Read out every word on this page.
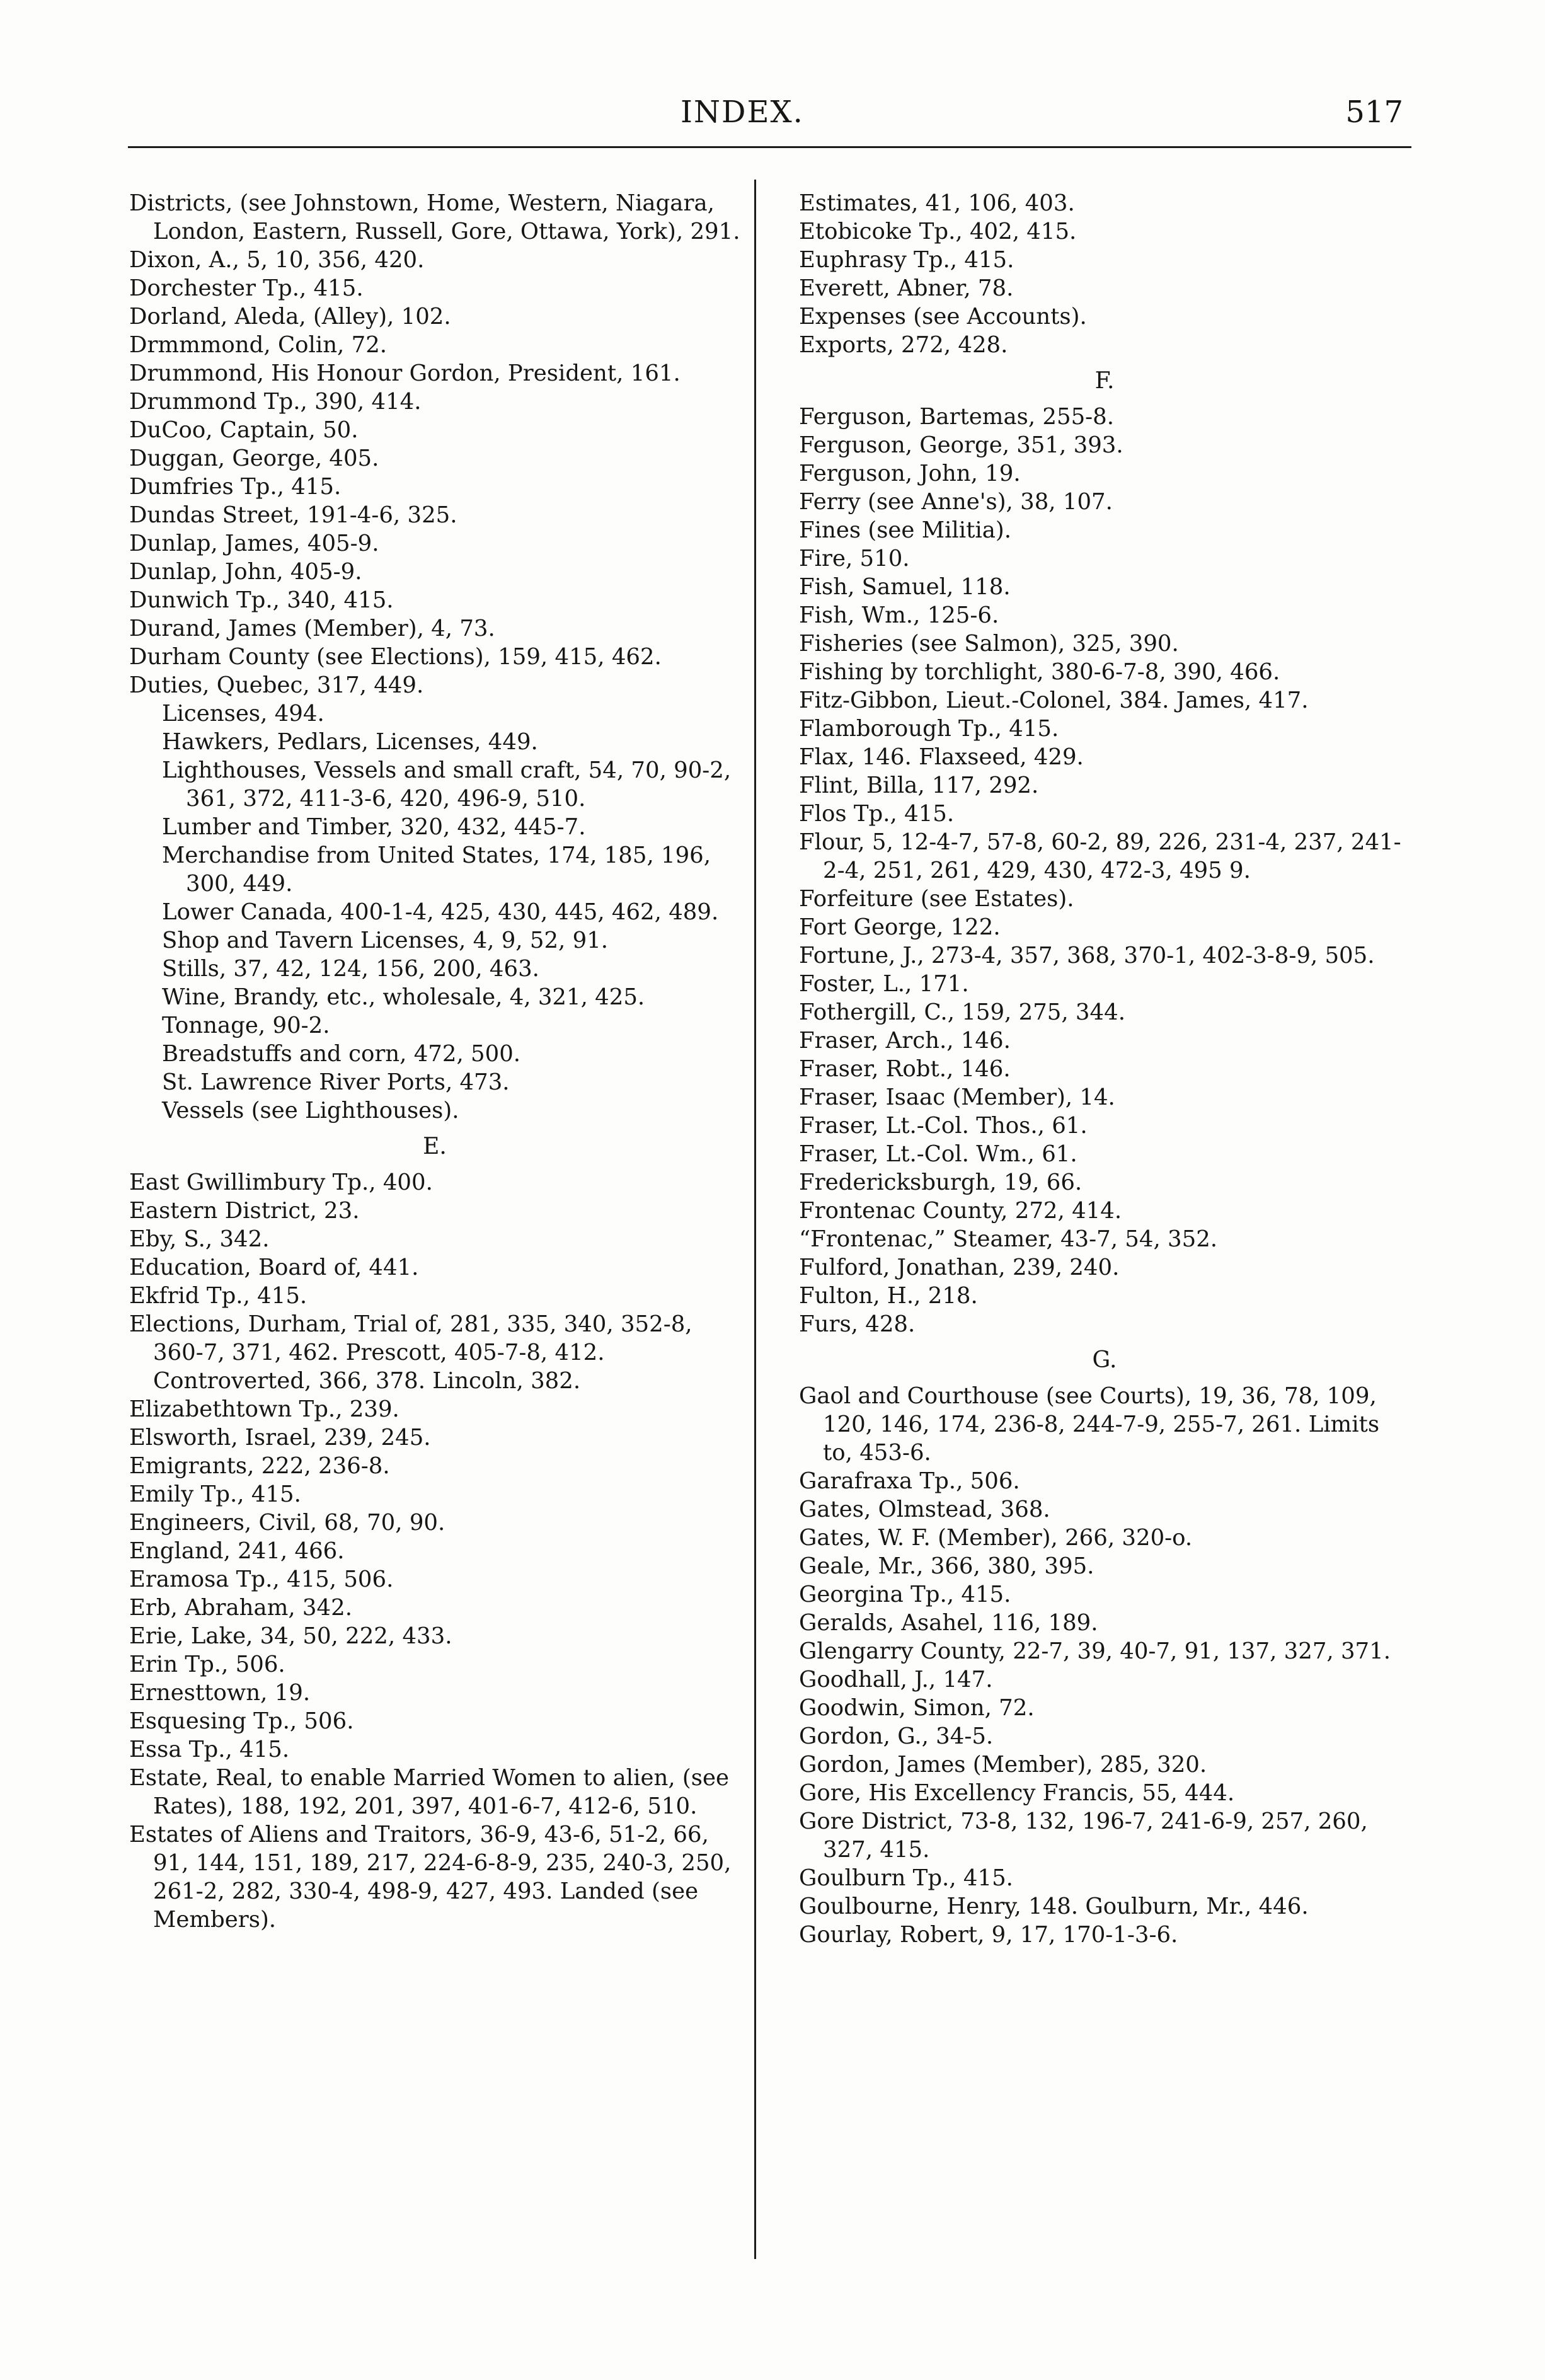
INDEX.	517
Districts, (see Johnstown, Home, Western, Niagara, London, Eastern, Russell, Gore, Ottawa, York), 291.
Dixon, A., 5, 10, 356, 420.
Dorchester Tp., 415.
Dorland, Aleda, (Alley), 102.
Drmmmond, Colin, 72.
Drummond, His Honour Gordon, President, 161.
Drummond Tp., 390, 414.
DuCoo, Captain, 50.
Duggan, George, 405.
Dumfries Tp., 415.
Dundas Street, 191-4-6, 325.
Dunlap, James, 405-9.
Dunlap, John, 405-9.
Dunwich Tp., 340, 415.
Durand, James (Member), 4, 73.
Durham County (see Elections), 159, 415, 462.
Duties, Quebec, 317, 449.
Licenses, 494.
Hawkers, Pedlars, Licenses, 449.
Lighthouses, Vessels and small craft, 54, 70, 90-2, 361, 372, 411-3-6, 420, 496-9, 510.
Lumber and Timber, 320, 432, 445-7.
Merchandise from United States, 174, 185, 196, 300, 449.
Lower Canada, 400-1-4, 425, 430, 445, 462, 489.
Shop and Tavern Licenses, 4, 9, 52, 91.
Stills, 37, 42, 124, 156, 200, 463.
Wine, Brandy, etc., wholesale, 4, 321, 425.
Tonnage, 90-2.
Breadstuffs and corn, 472, 500.
St. Lawrence River Ports, 473.
Vessels (see Lighthouses).
E.
East Gwillimbury Tp., 400.
Eastern District, 23.
Eby, S., 342.
Education, Board of, 441.
Ekfrid Tp., 415.
Elections, Durham, Trial of, 281, 335, 340, 352-8, 360-7, 371, 462. Prescott, 405-7-8, 412. Controverted, 366, 378. Lincoln, 382.
Elizabethtown Tp., 239.
Elsworth, Israel, 239, 245.
Emigrants, 222, 236-8.
Emily Tp., 415.
Engineers, Civil, 68, 70, 90.
England, 241, 466.
Eramosa Tp., 415, 506.
Erb, Abraham, 342.
Erie, Lake, 34, 50, 222, 433.
Erin Tp., 506.
Ernesttown, 19.
Esquesing Tp., 506.
Essa Tp., 415.
Estate, Real, to enable Married Women to alien, (see Rates), 188, 192, 201, 397, 401-6-7, 412-6, 510.
Estates of Aliens and Traitors, 36-9, 43-6, 51-2, 66, 91, 144, 151, 189, 217, 224-6-8-9, 235, 240-3, 250, 261-2, 282, 330-4, 498-9, 427, 493. Landed (see Members).
Estimates, 41, 106, 403.
Etobicoke Tp., 402, 415.
Euphrasy Tp., 415.
Everett, Abner, 78.
Expenses (see Accounts).
Exports, 272, 428.
F.
Ferguson, Bartemas, 255-8.
Ferguson, George, 351, 393.
Ferguson, John, 19.
Ferry (see Anne's), 38, 107.
Fines (see Militia).
Fire, 510.
Fish, Samuel, 118.
Fish, Wm., 125-6.
Fisheries (see Salmon), 325, 390.
Fishing by torchlight, 380-6-7-8, 390, 466.
Fitz-Gibbon, Lieut.-Colonel, 384. James, 417.
Flamborough Tp., 415.
Flax, 146. Flaxseed, 429.
Flint, Billa, 117, 292.
Flos Tp., 415.
Flour, 5, 12-4-7, 57-8, 60-2, 89, 226, 231-4, 237, 241-2-4, 251, 261, 429, 430, 472-3, 495 9.
Forfeiture (see Estates).
Fort George, 122.
Fortune, J., 273-4, 357, 368, 370-1, 402-3-8-9, 505.
Foster, L., 171.
Fothergill, C., 159, 275, 344.
Fraser, Arch., 146.
Fraser, Robt., 146.
Fraser, Isaac (Member), 14.
Fraser, Lt.-Col. Thos., 61.
Fraser, Lt.-Col. Wm., 61.
Fredericksburgh, 19, 66.
Frontenac County, 272, 414.
“Frontenac,” Steamer, 43-7, 54, 352.
Fulford, Jonathan, 239, 240.
Fulton, H., 218.
Furs, 428.
G.
Gaol and Courthouse (see Courts), 19, 36, 78, 109, 120, 146, 174, 236-8, 244-7-9, 255-7, 261. Limits to, 453-6.
Garafraxa Tp., 506.
Gates, Olmstead, 368.
Gates, W. F. (Member), 266, 320-o.
Geale, Mr., 366, 380, 395.
Georgina Tp., 415.
Geralds, Asahel, 116, 189.
Glengarry County, 22-7, 39, 40-7, 91, 137, 327, 371.
Goodhall, J., 147.
Goodwin, Simon, 72.
Gordon, G., 34-5.
Gordon, James (Member), 285, 320.
Gore, His Excellency Francis, 55, 444.
Gore District, 73-8, 132, 196-7, 241-6-9, 257, 260, 327, 415.
Goulburn Tp., 415.
Goulbourne, Henry, 148. Goulburn, Mr., 446.
Gourlay, Robert, 9, 17, 170-1-3-6.
